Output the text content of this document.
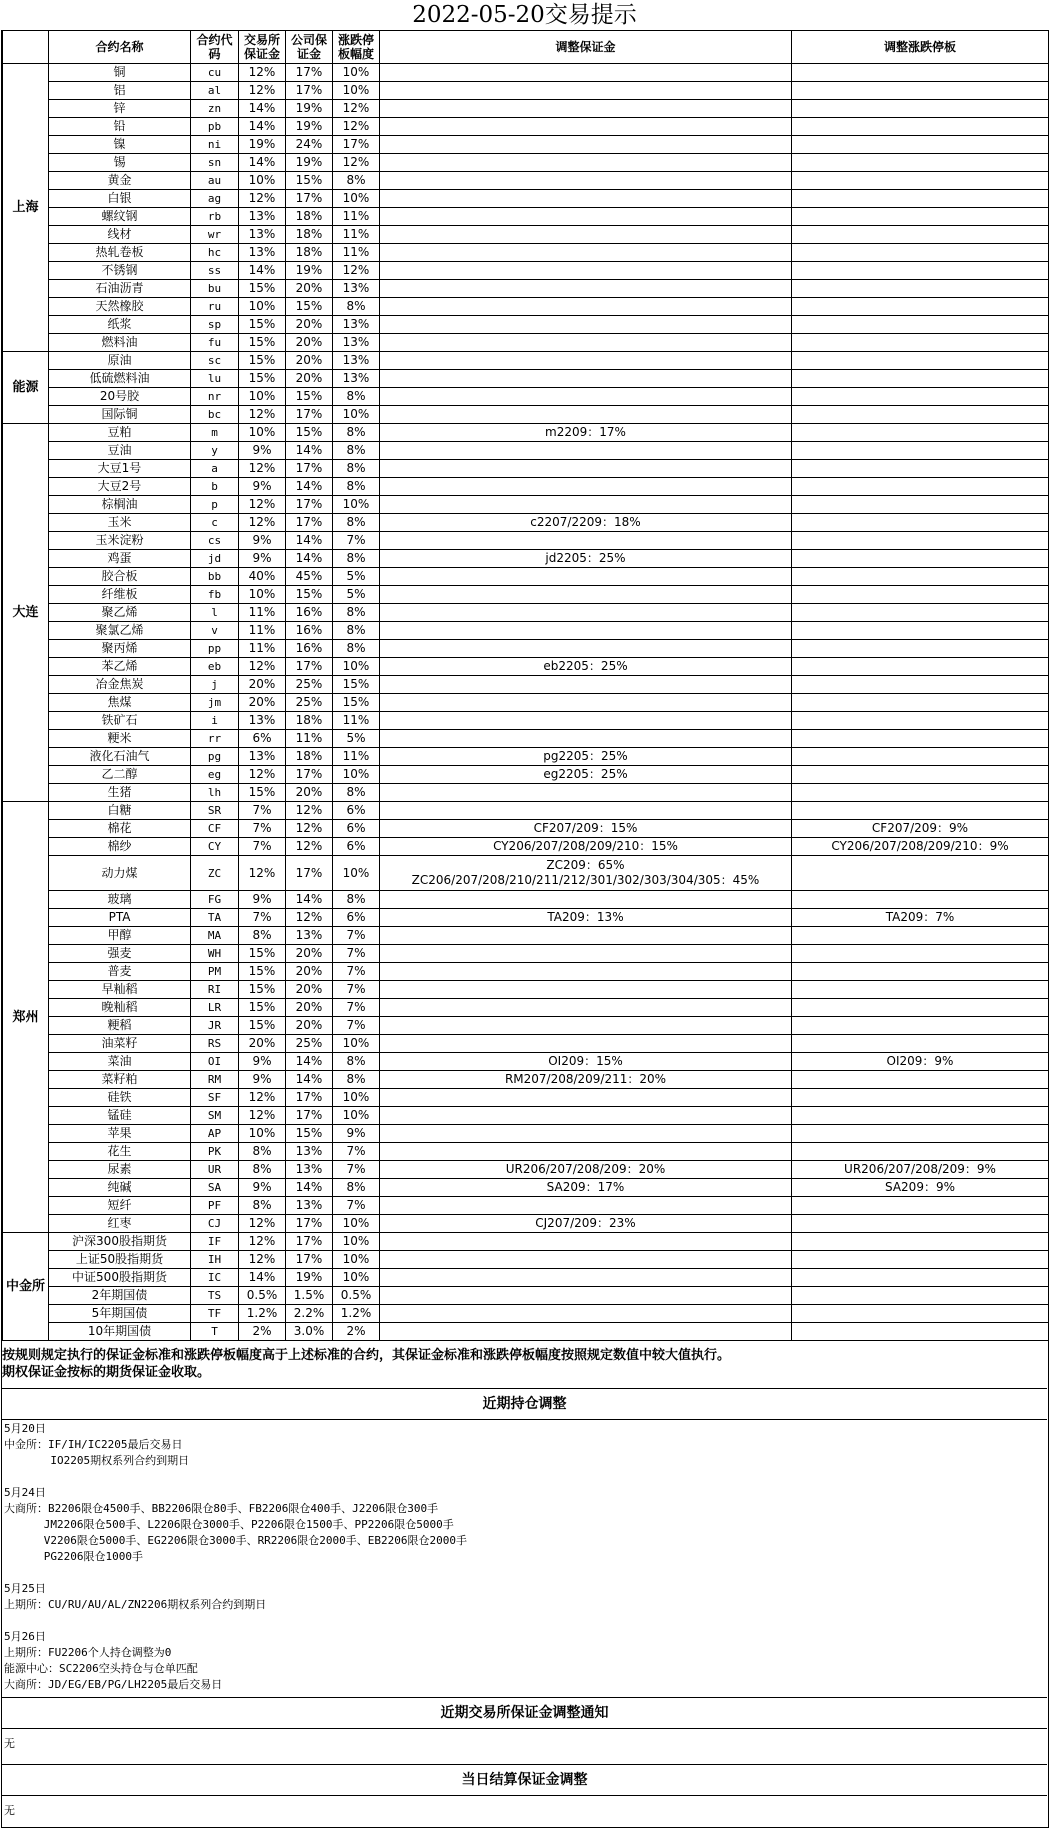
2022-05-20交易提示
	合约名称	合约代码	交易所保证金	公司保证金	涨跌停板幅度	调整保证金	调整涨跌停板
上海	铜	cu	12%	17%	10%		
	铝	al	12%	17%	10%		
	锌	zn	14%	19%	12%		
	铅	pb	14%	19%	12%		
	镍	ni	19%	24%	17%		
	锡	sn	14%	19%	12%		
	黄金	au	10%	15%	8%		
	白银	ag	12%	17%	10%		
	螺纹钢	rb	13%	18%	11%		
	线材	wr	13%	18%	11%		
	热轧卷板	hc	13%	18%	11%		
	不锈钢	ss	14%	19%	12%		
	石油沥青	bu	15%	20%	13%		
	天然橡胶	ru	10%	15%	8%		
	纸浆	sp	15%	20%	13%		
	燃料油	fu	15%	20%	13%		
能源	原油	sc	15%	20%	13%		
	低硫燃料油	lu	15%	20%	13%		
	20号胶	nr	10%	15%	8%		
	国际铜	bc	12%	17%	10%		
大连	豆粕	m	10%	15%	8%	m2209：17%	
	豆油	y	9%	14%	8%		
	大豆1号	a	12%	17%	8%		
	大豆2号	b	9%	14%	8%		
	棕榈油	p	12%	17%	10%		
	玉米	c	12%	17%	8%	c2207/2209：18%	
	玉米淀粉	cs	9%	14%	7%		
	鸡蛋	jd	9%	14%	8%	jd2205：25%	
	胶合板	bb	40%	45%	5%		
	纤维板	fb	10%	15%	5%		
	聚乙烯	l	11%	16%	8%		
	聚氯乙烯	v	11%	16%	8%		
	聚丙烯	pp	11%	16%	8%		
	苯乙烯	eb	12%	17%	10%	eb2205：25%	
	冶金焦炭	j	20%	25%	15%		
	焦煤	jm	20%	25%	15%		
	铁矿石	i	13%	18%	11%		
	粳米	rr	6%	11%	5%		
	液化石油气	pg	13%	18%	11%	pg2205：25%	
	乙二醇	eg	12%	17%	10%	eg2205：25%	
	生猪	lh	15%	20%	8%		
郑州	白糖	SR	7%	12%	6%		
	棉花	CF	7%	12%	6%	CF207/209：15%	CF207/209：9%
	棉纱	CY	7%	12%	6%	CY206/207/208/209/210：15%	CY206/207/208/209/210：9%
	动力煤	ZC	12%	17%	10%	ZC209：65%
ZC206/207/208/210/211/212/301/302/303/304/305：45%	
	玻璃	FG	9%	14%	8%		
	PTA	TA	7%	12%	6%	TA209：13%	TA209：7%
	甲醇	MA	8%	13%	7%		
	强麦	WH	15%	20%	7%		
	普麦	PM	15%	20%	7%		
	早籼稻	RI	15%	20%	7%		
	晚籼稻	LR	15%	20%	7%		
	粳稻	JR	15%	20%	7%		
	油菜籽	RS	20%	25%	10%		
	菜油	OI	9%	14%	8%	OI209：15%	OI209：9%
	菜籽粕	RM	9%	14%	8%	RM207/208/209/211：20%	
	硅铁	SF	12%	17%	10%		
	锰硅	SM	12%	17%	10%		
	苹果	AP	10%	15%	9%		
	花生	PK	8%	13%	7%		
	尿素	UR	8%	13%	7%	UR206/207/208/209：20%	UR206/207/208/209：9%
	纯碱	SA	9%	14%	8%	SA209：17%	SA209：9%
	短纤	PF	8%	13%	7%		
	红枣	CJ	12%	17%	10%	CJ207/209：23%	
中金所	沪深300股指期货	IF	12%	17%	10%		
	上证50股指期货	IH	12%	17%	10%		
	中证500股指期货	IC	14%	19%	10%		
	2年期国债	TS	0.5%	1.5%	0.5%		
	5年期国债	TF	1.2%	2.2%	1.2%		
	10年期国债	T	2%	3.0%	2%		
按规则规定执行的保证金标准和涨跌停板幅度高于上述标准的合约，其保证金标准和涨跌停板幅度按照规定数值中较大值执行。
期权保证金按标的期货保证金收取。
近期持仓调整
5月20日
中金所：IF/IH/IC2205最后交易日
IO2205期权系列合约到期日

5月24日
大商所：B2206限仓4500手、BB2206限仓80手、FB2206限仓400手、J2206限仓300手
JM2206限仓500手、L2206限仓3000手、P2206限仓1500手、PP2206限仓5000手
V2206限仓5000手、EG2206限仓3000手、RR2206限仓2000手、EB2206限仓2000手
PG2206限仓1000手

5月25日
上期所：CU/RU/AU/AL/ZN2206期权系列合约到期日

5月26日
上期所：FU2206个人持仓调整为0
能源中心：SC2206空头持仓与仓单匹配
大商所：JD/EG/EB/PG/LH2205最后交易日
近期交易所保证金调整通知
无
当日结算保证金调整
无
